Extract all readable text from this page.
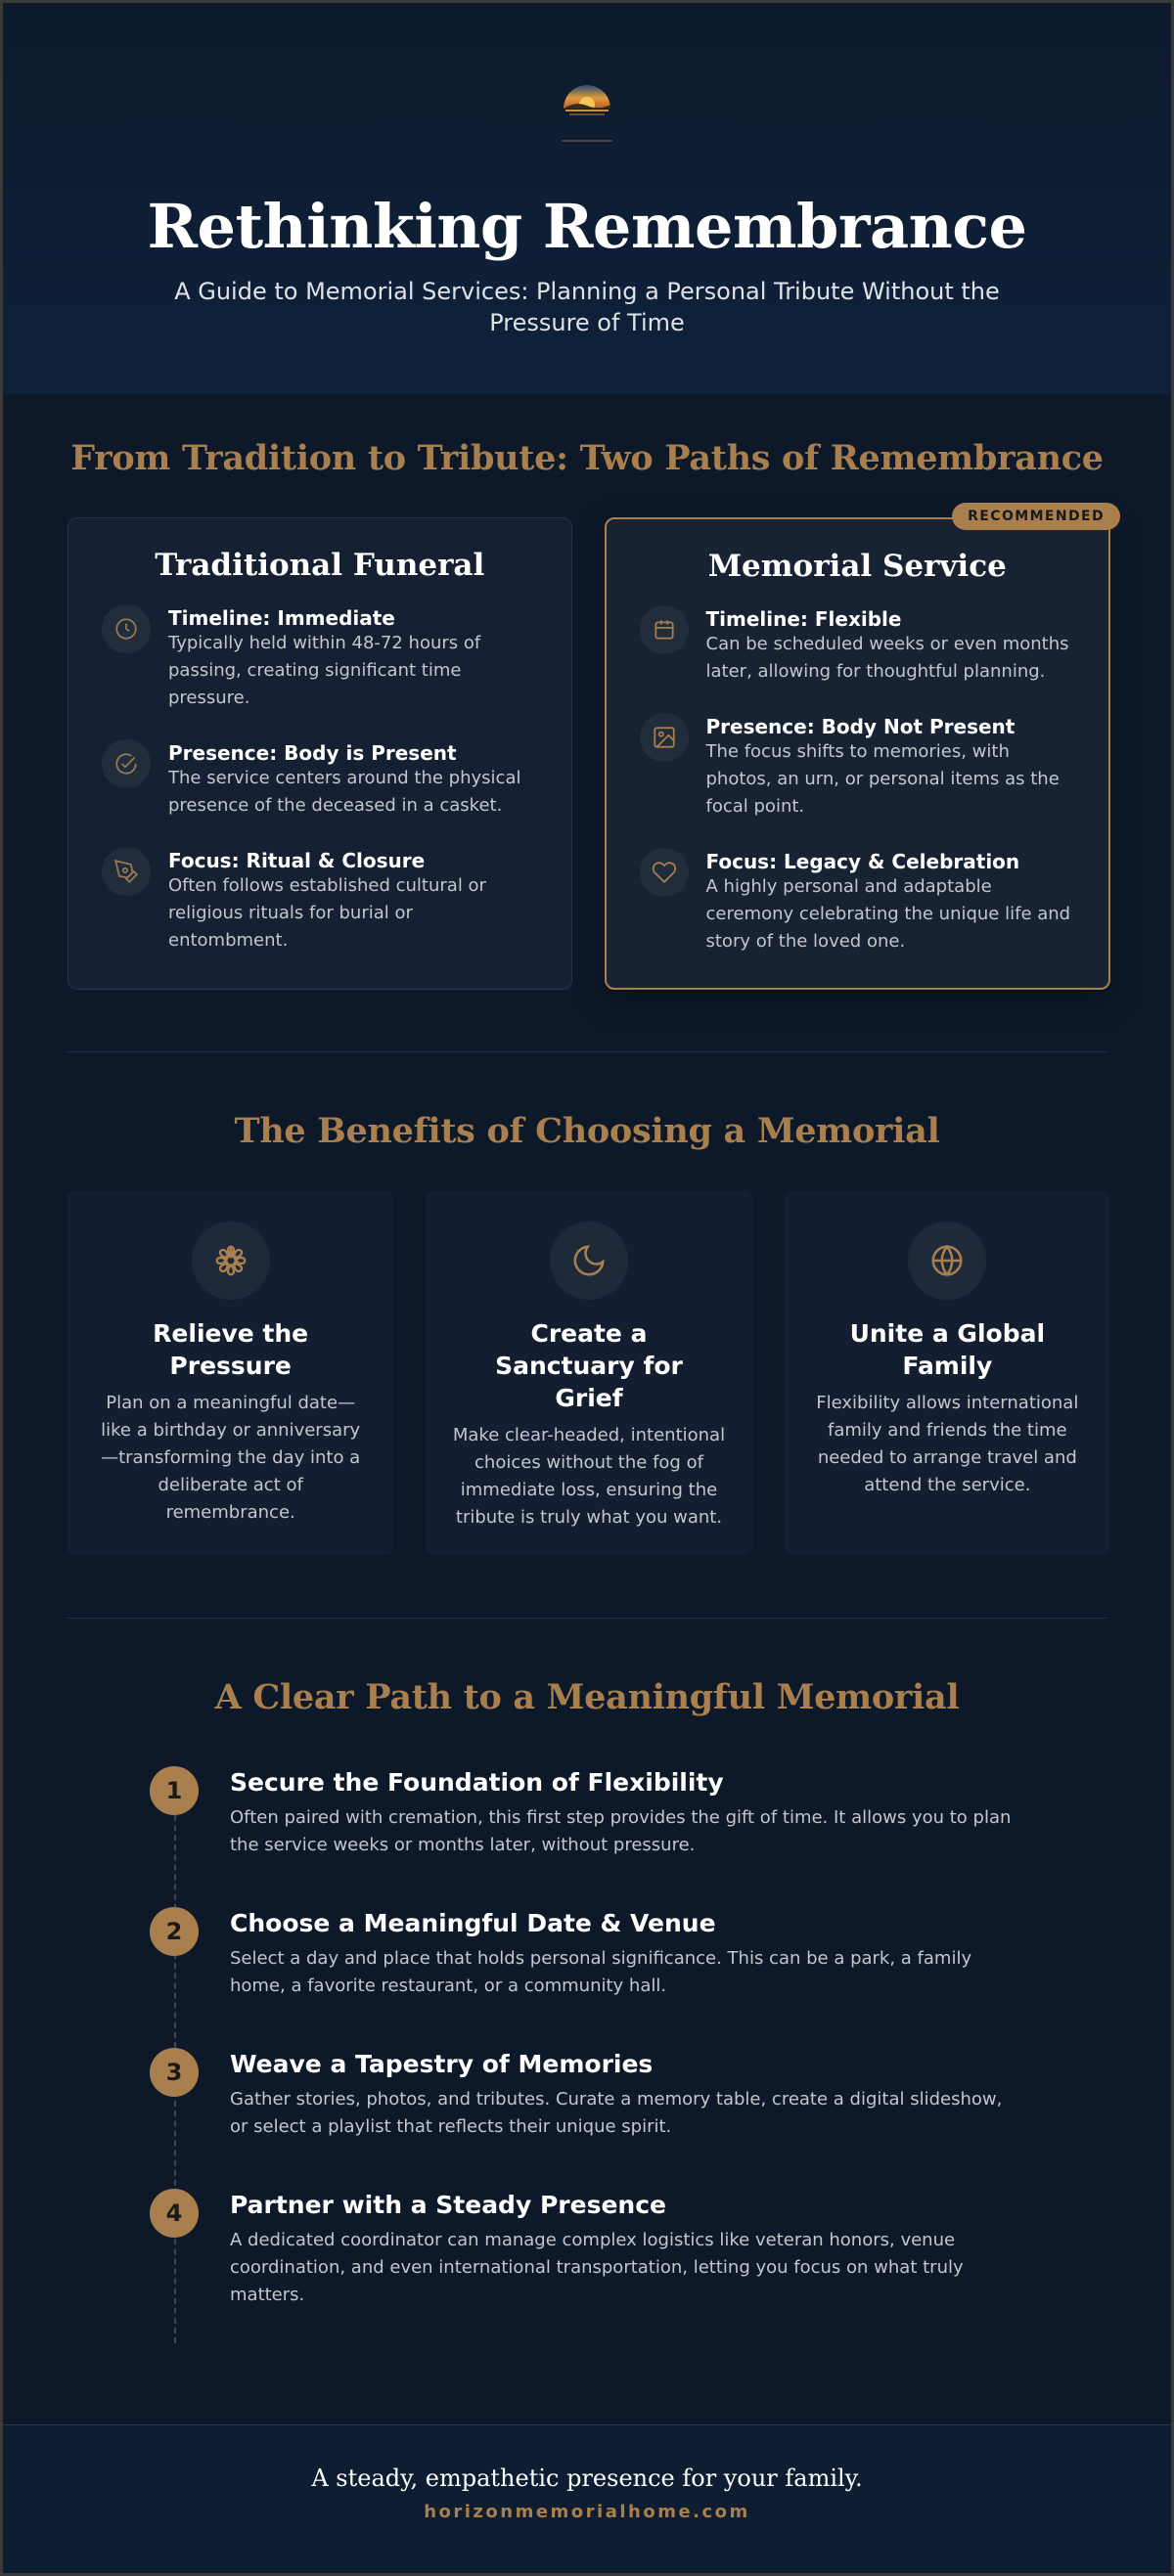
Rethinking Remembrance

A Guide to Memorial Services: Planning a Personal Tribute Without the Pressure of Time

From Tradition to Tribute: Two Paths of Remembrance
Traditional Funeral
Timeline: Immediate
Typically held within 48-72 hours of passing, creating significant time pressure.
Presence: Body is Present
The service centers around the physical presence of the deceased in a casket.
Focus: Ritual & Closure
Often follows established cultural or religious rituals for burial or entombment.
RECOMMENDED
Memorial Service
Timeline: Flexible
Can be scheduled weeks or even months later, allowing for thoughtful planning.
Presence: Body Not Present
The focus shifts to memories, with photos, an urn, or personal items as the focal point.
Focus: Legacy & Celebration
A highly personal and adaptable ceremony celebrating the unique life and story of the loved one.
The Benefits of Choosing a Memorial
Relieve the Pressure
Plan on a meaningful date—like a birthday or anniversary—transforming the day into a deliberate act of remembrance.
Create a Sanctuary for Grief
Make clear-headed, intentional choices without the fog of immediate loss, ensuring the tribute is truly what you want.
Unite a Global Family
Flexibility allows international family and friends the time needed to arrange travel and attend the service.
A Clear Path to a Meaningful Memorial
1	Secure the Foundation of Flexibility
Often paired with cremation, this first step provides the gift of time. It allows you to plan the service weeks or months later, without pressure.
2	Choose a Meaningful Date & Venue
Select a day and place that holds personal significance. This can be a park, a family home, a favorite restaurant, or a community hall.
3	Weave a Tapestry of Memories
Gather stories, photos, and tributes. Curate a memory table, create a digital slideshow, or select a playlist that reflects their unique spirit.
4	Partner with a Steady Presence
A dedicated coordinator can manage complex logistics like veteran honors, venue coordination, and even international transportation, letting you focus on what truly matters.
A steady, empathetic presence for your family.
horizonmemorialhome.com
